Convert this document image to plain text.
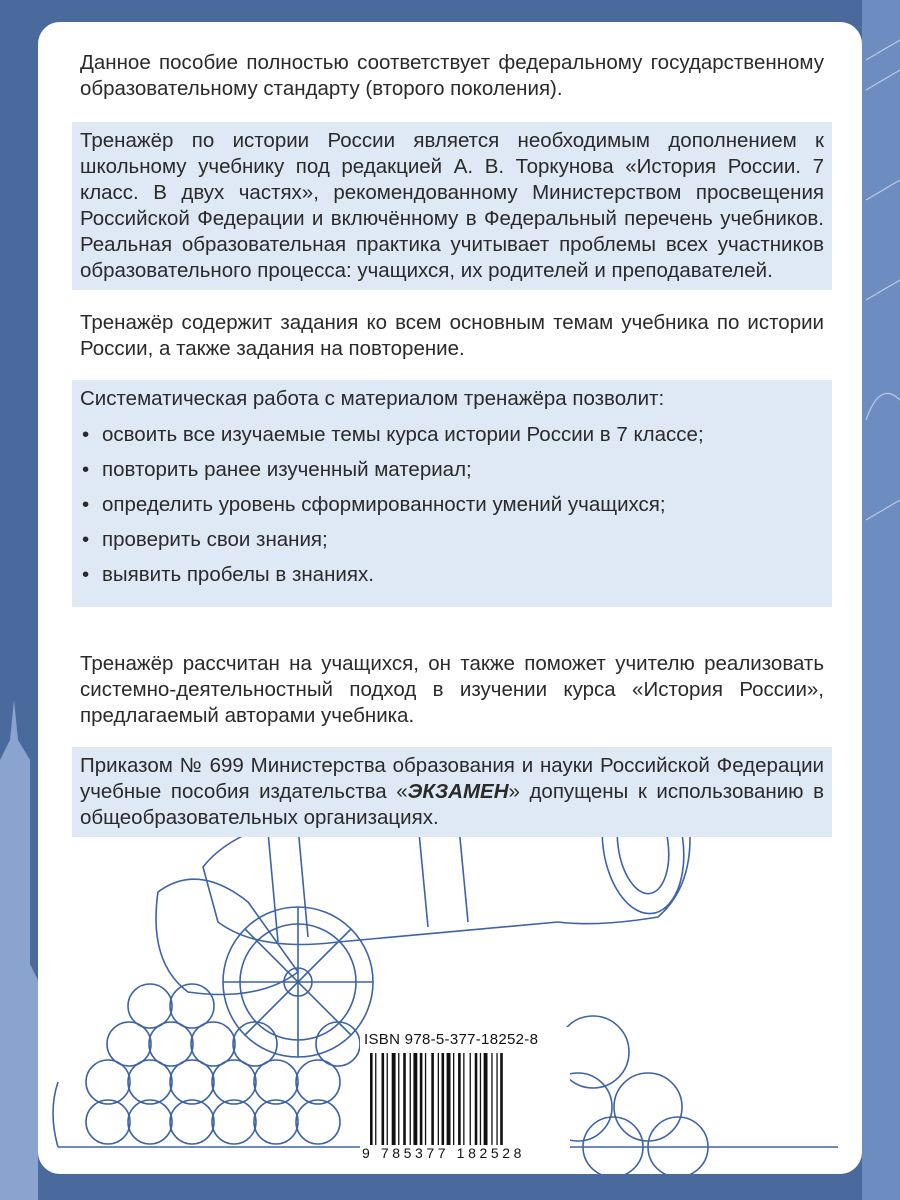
Данное пособие полностью соответствует федеральному государственному образовательному стандарту (второго поколения).

Тренажёр по истории России является необходимым дополнением к школьному учебнику под редакцией А. В. Торкунова «История России. 7 класс. В двух частях», рекомендованному Министерством просвещения Российской Федерации и включённому в Федеральный перечень учебников. Реальная образовательная практика учитывает проблемы всех участников образовательного процесса: учащихся, их родителей и преподавателей.

Тренажёр содержит задания ко всем основным темам учебника по истории России, а также задания на повторение.

Систематическая работа с материалом тренажёра позволит:

• освоить все изучаемые темы курса истории России в 7 классе;
• повторить ранее изученный материал;
• определить уровень сформированности умений учащихся;
• проверить свои знания;
• выявить пробелы в знаниях.

Тренажёр рассчитан на учащихся, он также поможет учителю реализовать системно-деятельностный подход в изучении курса «История России», предлагаемый авторами учебника.

Приказом № 699 Министерства образования и науки Российской Федерации учебные пособия издательства «ЭКЗАМЕН» допущены к использованию в общеобразовательных организациях.

ISBN 978-5-377-18252-8
9 785377 182528
